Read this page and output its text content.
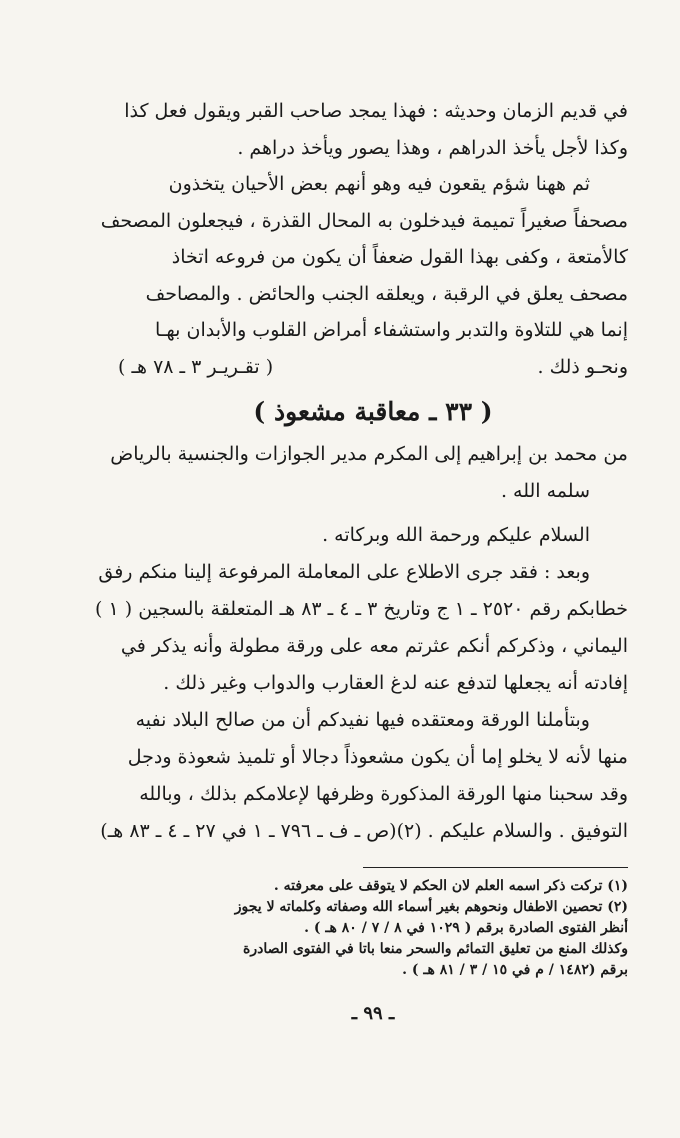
في قديم الزمان وحديثه : فهذا يمجد صاحب القبر ويقول فعل كذا
وكذا لأجل يأخذ الدراهم ، وهذا يصور ويأخذ دراهم .
ثم ههنا شؤم يقعون فيه وهو أنهم بعض الأحيان يتخذون
مصحفاً صغيراً تميمة فيدخلون به المحال القذرة ، فيجعلون المصحف
كالأمتعة ، وكفى بهذا القول ضعفاً أن يكون من فروعه اتخاذ
مصحف يعلق في الرقبة ، ويعلقه الجنب والحائض . والمصاحف
إنما هي للتلاوة والتدبر واستشفاء أمراض القلوب والأبدان بهـا
ونحـو ذلك .
( تقـريـر ٣ ـ ٧٨ هـ )
( ٣٣ ـ معاقبة مشعوذ )
من محمد بن إبراهيم إلى المكرم مدير الجوازات والجنسية بالرياض
سلمه الله .
السلام عليكم ورحمة الله وبركاته .
وبعد : فقد جرى الاطلاع على المعاملة المرفوعة إلينا منكم رفق
خطابكم رقم ٢٥٢٠ ـ ١ ج وتاريخ ٣ ـ ٤ ـ ٨٣ هـ المتعلقة بالسجين ( ١ )
اليماني ، وذكركم أنكم عثرتم معه على ورقة مطولة وأنه يذكر في
إفادته أنه يجعلها لتدفع عنه لدغ العقارب والدواب وغير ذلك .
وبتأملنا الورقة ومعتقده فيها نفيدكم أن من صالح البلاد نفيه
منها لأنه لا يخلو إما أن يكون مشعوذاً دجالا أو تلميذ شعوذة ودجل
وقد سحبنا منها الورقة المذكورة وظرفها لإعلامكم بذلك ، وبالله
التوفيق . والسلام عليكم . (٢)
(ص ـ ف ـ ٧٩٦ ـ ١ في ٢٧ ـ ٤ ـ ٨٣ هـ)
(١) تركت ذكر اسمه العلم لان الحكم لا يتوقف على معرفته .
(٢) تحصين الاطفال ونحوهم بغير أسماء الله وصفاته وكلماته لا يجوز
أنظر الفتوى الصادرة برقم ( ١٠٢٩ في ٨ / ٧ / ٨٠ هـ ) .
وكذلك المنع من تعليق التمائم والسحر منعا باتا في الفتوى الصادرة
برقم (١٤٨٢ / م في ١٥ / ٣ / ٨١ هـ ) .
ـ ٩٩ ـ
